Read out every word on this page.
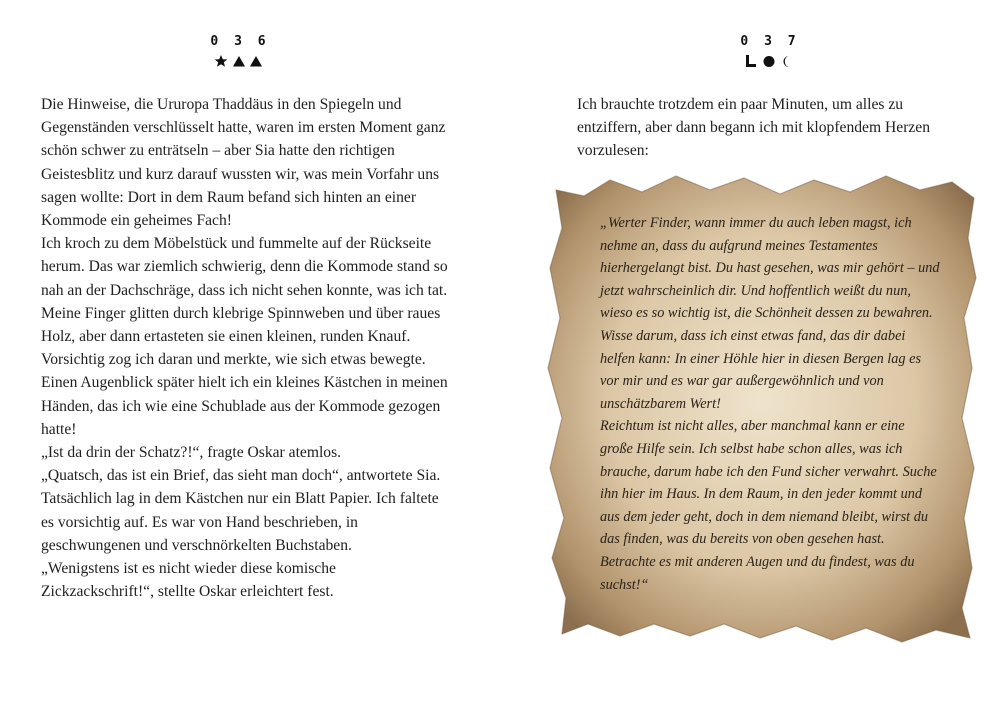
0 3 6

Die Hinweise, die Ururopa Thaddäus in den Spiegeln und Gegenständen verschlüsselt hatte, waren im ersten Moment ganz schön schwer zu enträtseln – aber Sia hatte den richtigen Geistesblitz und kurz darauf wussten wir, was mein Vorfahr uns sagen wollte: Dort in dem Raum befand sich hinten an einer Kommode ein geheimes Fach!

Ich kroch zu dem Möbelstück und fummelte auf der Rückseite herum. Das war ziemlich schwierig, denn die Kommode stand so nah an der Dachschräge, dass ich nicht sehen konnte, was ich tat.

Meine Finger glitten durch klebrige Spinnweben und über raues Holz, aber dann ertasteten sie einen kleinen, runden Knauf. Vorsichtig zog ich daran und merkte, wie sich etwas bewegte.

Einen Augenblick später hielt ich ein kleines Kästchen in meinen Händen, das ich wie eine Schublade aus der Kommode gezogen hatte!

„Ist da drin der Schatz?!“, fragte Oskar atemlos.

„Quatsch, das ist ein Brief, das sieht man doch“, antwortete Sia.

Tatsächlich lag in dem Kästchen nur ein Blatt Papier. Ich faltete es vorsichtig auf. Es war von Hand beschrieben, in geschwungenen und verschnörkelten Buchstaben.

„Wenigstens ist es nicht wieder diese komische Zickzackschrift!“, stellte Oskar erleichtert fest.

0 3 7

Ich brauchte trotzdem ein paar Minuten, um alles zu entziffern, aber dann begann ich mit klopfendem Herzen vorzulesen:

„Werter Finder, wann immer du auch leben magst, ich nehme an, dass du aufgrund meines Testamentes hierhergelangt bist. Du hast gesehen, was mir gehört – und jetzt wahrscheinlich dir. Und hoffentlich weißt du nun, wieso es so wichtig ist, die Schönheit dessen zu bewahren. Wisse darum, dass ich einst etwas fand, das dir dabei helfen kann: In einer Höhle hier in diesen Bergen lag es vor mir und es war gar außergewöhnlich und von unschätzbarem Wert!

Reichtum ist nicht alles, aber manchmal kann er eine große Hilfe sein. Ich selbst habe schon alles, was ich brauche, darum habe ich den Fund sicher verwahrt. Suche ihn hier im Haus. In dem Raum, in den jeder kommt und aus dem jeder geht, doch in dem niemand bleibt, wirst du das finden, was du bereits von oben gesehen hast. Betrachte es mit anderen Augen und du findest, was du suchst!“
